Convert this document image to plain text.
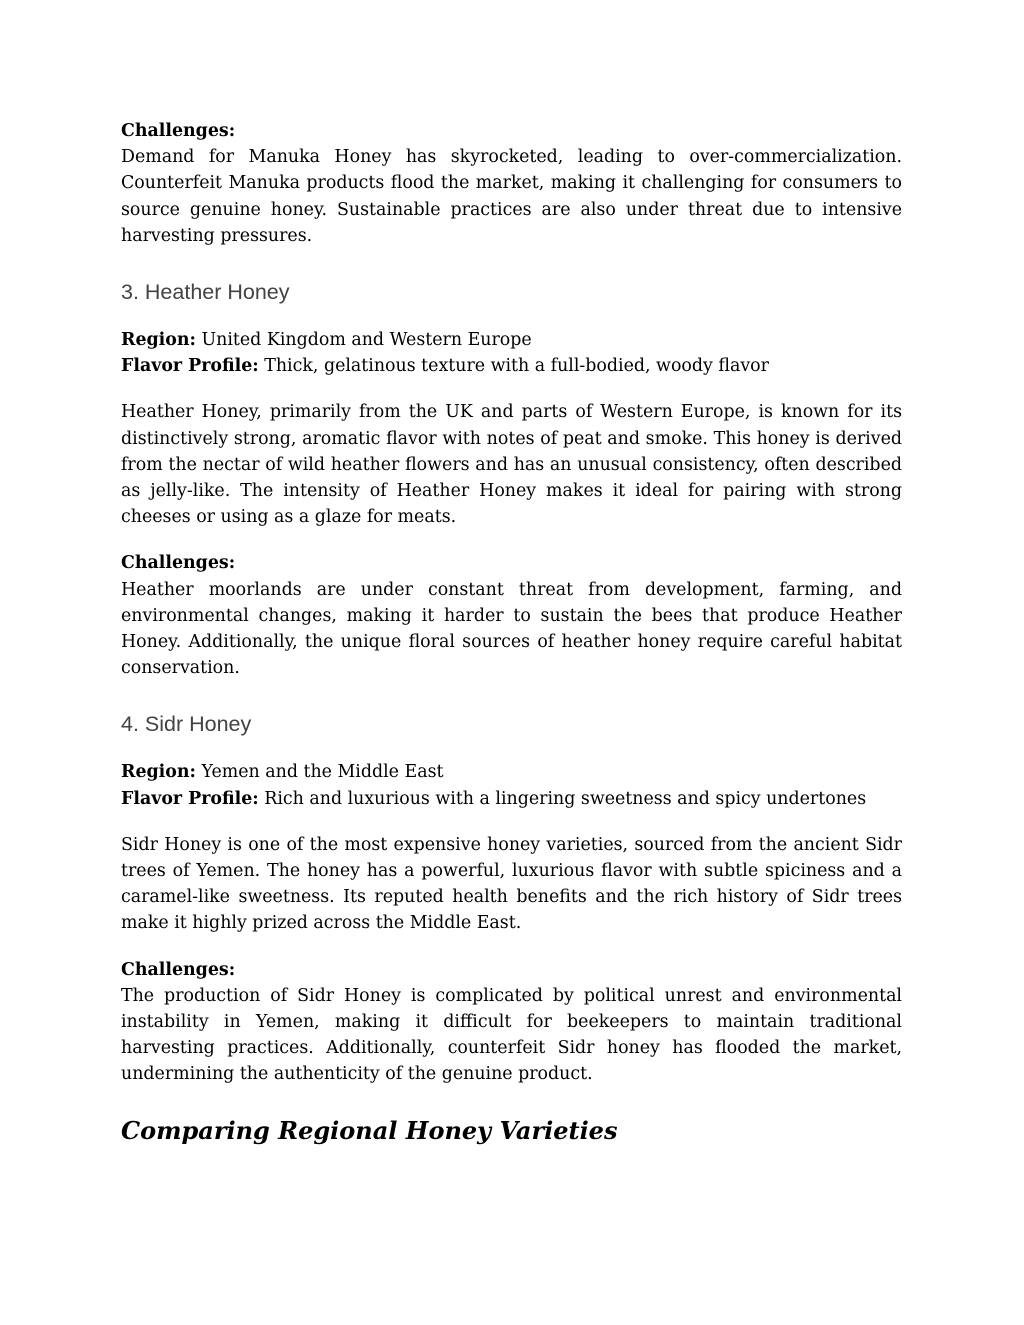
Challenges:

Demand for Manuka Honey has skyrocketed, leading to over-commercialization. Counterfeit Manuka products flood the market, making it challenging for consumers to source genuine honey. Sustainable practices are also under threat due to intensive harvesting pressures.

3. Heather Honey

Region: United Kingdom and Western Europe

Flavor Profile: Thick, gelatinous texture with a full-bodied, woody flavor

Heather Honey, primarily from the UK and parts of Western Europe, is known for its distinctively strong, aromatic flavor with notes of peat and smoke. This honey is derived from the nectar of wild heather flowers and has an unusual consistency, often described as jelly-like. The intensity of Heather Honey makes it ideal for pairing with strong cheeses or using as a glaze for meats.

Challenges:

Heather moorlands are under constant threat from development, farming, and environmental changes, making it harder to sustain the bees that produce Heather Honey. Additionally, the unique floral sources of heather honey require careful habitat conservation.

4. Sidr Honey

Region: Yemen and the Middle East

Flavor Profile: Rich and luxurious with a lingering sweetness and spicy undertones

Sidr Honey is one of the most expensive honey varieties, sourced from the ancient Sidr trees of Yemen. The honey has a powerful, luxurious flavor with subtle spiciness and a caramel-like sweetness. Its reputed health benefits and the rich history of Sidr trees make it highly prized across the Middle East.

Challenges:

The production of Sidr Honey is complicated by political unrest and environmental instability in Yemen, making it difficult for beekeepers to maintain traditional harvesting practices. Additionally, counterfeit Sidr honey has flooded the market, undermining the authenticity of the genuine product.

Comparing Regional Honey Varieties
